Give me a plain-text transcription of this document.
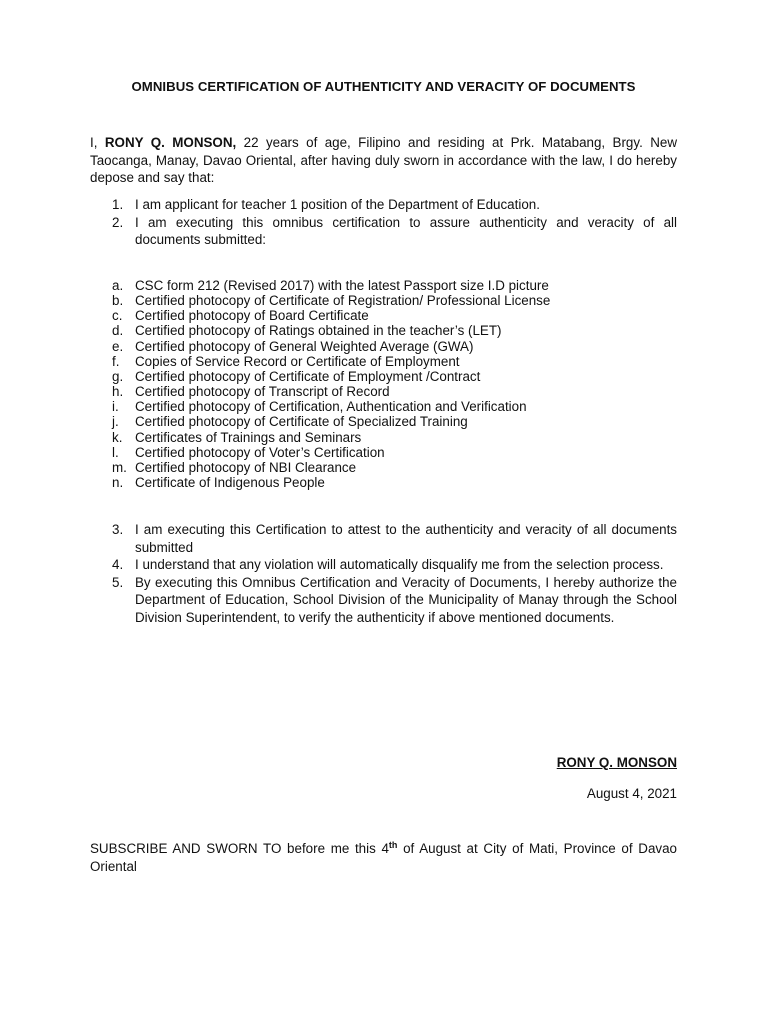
OMNIBUS CERTIFICATION OF AUTHENTICITY AND VERACITY OF DOCUMENTS

I, RONY Q. MONSON, 22 years of age, Filipino and residing at Prk. Matabang, Brgy. New Taocanga, Manay, Davao Oriental, after having duly sworn in accordance with the law, I do hereby depose and say that:

1. I am applicant for teacher 1 position of the Department of Education.
2. I am executing this omnibus certification to assure authenticity and veracity of all documents submitted:
a. CSC form 212 (Revised 2017) with the latest Passport size I.D picture
b. Certified photocopy of Certificate of Registration/ Professional License
c. Certified photocopy of Board Certificate
d. Certified photocopy of Ratings obtained in the teacher’s (LET)
e. Certified photocopy of General Weighted Average (GWA)
f. Copies of Service Record or Certificate of Employment
g. Certified photocopy of Certificate of Employment /Contract
h. Certified photocopy of Transcript of Record
i. Certified photocopy of Certification, Authentication and Verification
j. Certified photocopy of Certificate of Specialized Training
k. Certificates of Trainings and Seminars
l. Certified photocopy of Voter’s Certification
m. Certified photocopy of NBI Clearance
n. Certificate of Indigenous People
3. I am executing this Certification to attest to the authenticity and veracity of all documents submitted
4. I understand that any violation will automatically disqualify me from the selection process.
5. By executing this Omnibus Certification and Veracity of Documents, I hereby authorize the Department of Education, School Division of the Municipality of Manay through the School Division Superintendent, to verify the authenticity if above mentioned documents.

RONY Q. MONSON

August 4, 2021

SUBSCRIBE AND SWORN TO before me this 4th of August at City of Mati, Province of Davao Oriental
